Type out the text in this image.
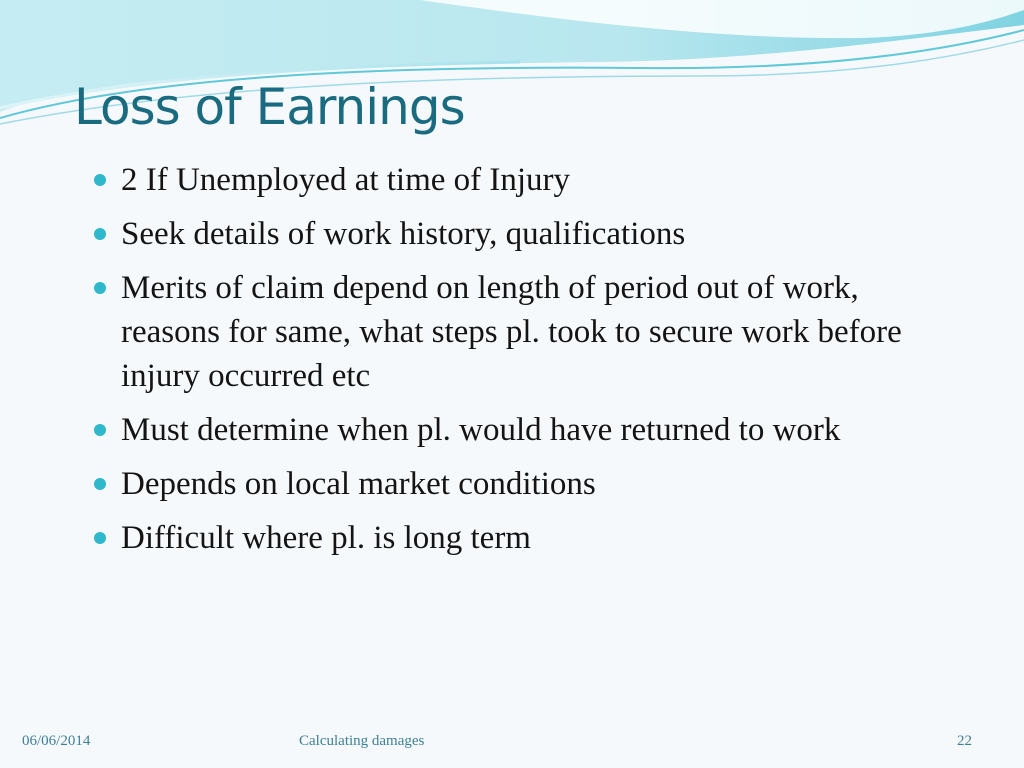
Loss of Earnings
2 If Unemployed at time of Injury
Seek details of work history, qualifications
Merits of claim depend on length of period out of work, reasons for same, what steps pl. took to secure work before injury occurred etc
Must determine when pl. would have returned to work
Depends on local market conditions
Difficult where pl. is long term
06/06/2014	Calculating damages	22
